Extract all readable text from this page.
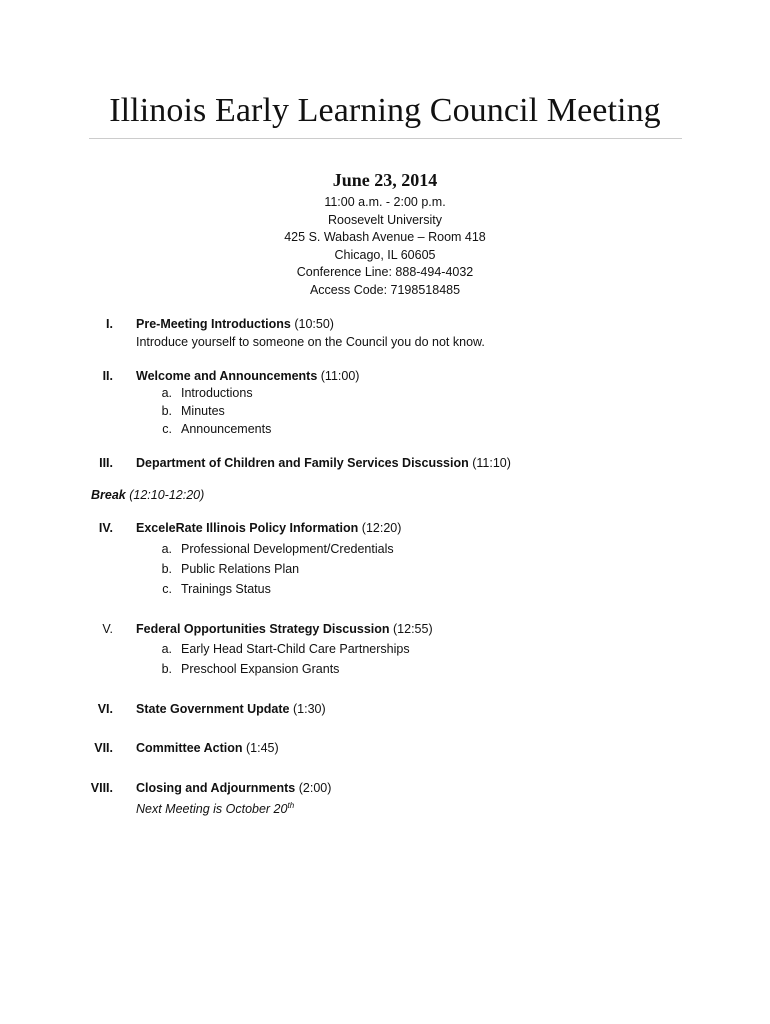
Illinois Early Learning Council Meeting
June 23, 2014
11:00 a.m. - 2:00 p.m.
Roosevelt University
425 S. Wabash Avenue – Room 418
Chicago, IL 60605
Conference Line: 888-494-4032
Access Code: 7198518485
I. Pre-Meeting Introductions (10:50)
Introduce yourself to someone on the Council you do not know.
II. Welcome and Announcements (11:00)
a. Introductions
b. Minutes
c. Announcements
III. Department of Children and Family Services Discussion (11:10)
Break (12:10-12:20)
IV. ExceleRate Illinois Policy Information (12:20)
a. Professional Development/Credentials
b. Public Relations Plan
c. Trainings Status
V. Federal Opportunities Strategy Discussion (12:55)
a. Early Head Start-Child Care Partnerships
b. Preschool Expansion Grants
VI. State Government Update (1:30)
VII. Committee Action (1:45)
VIII. Closing and Adjournments (2:00)
Next Meeting is October 20th
